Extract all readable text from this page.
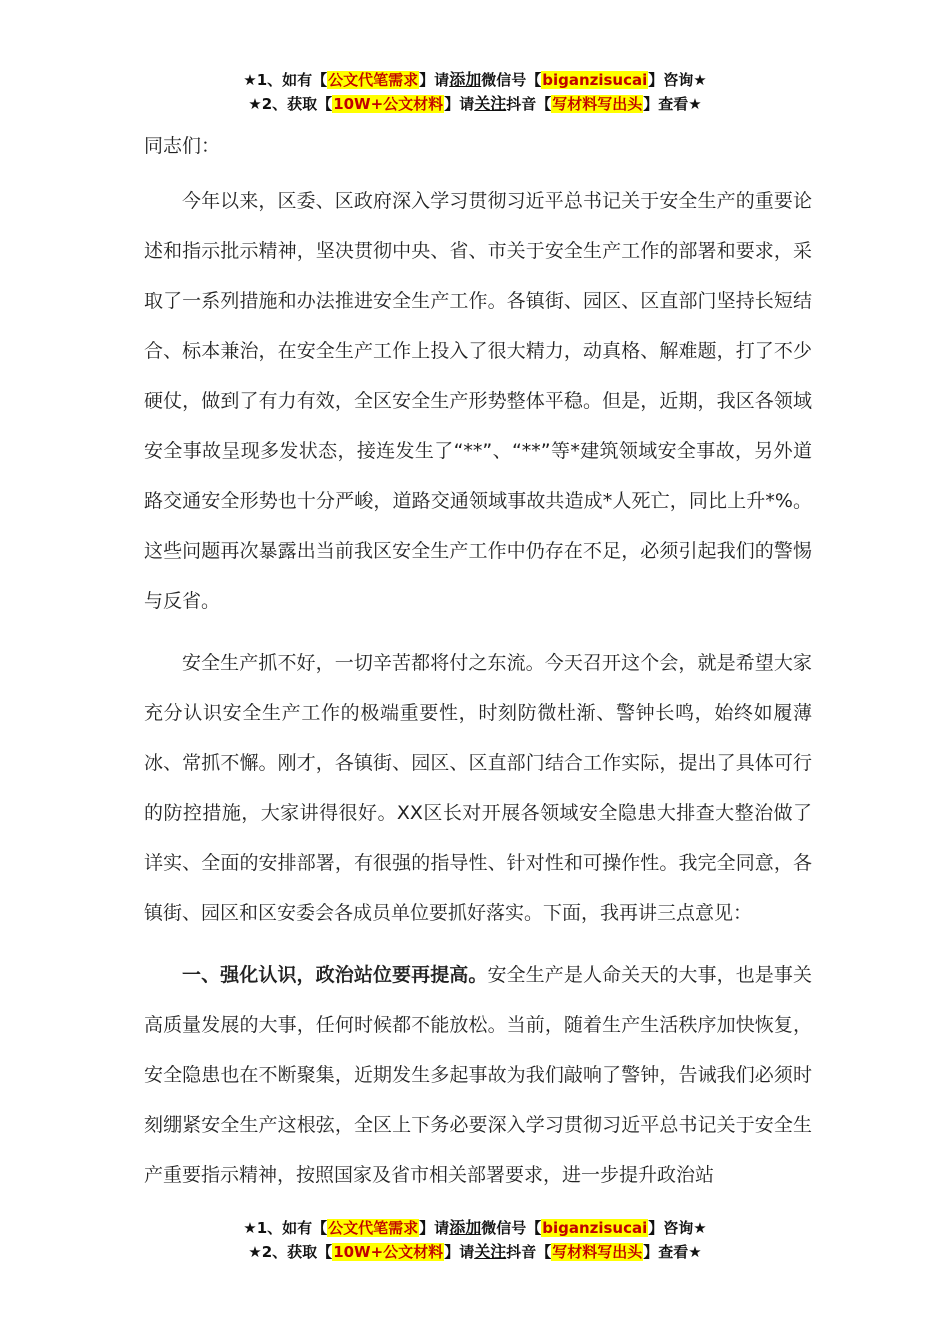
★1、如有【公文代笔需求】请添加微信号【biganzisucai】咨询★
★2、获取【10W+公文材料】请关注抖音【写材料写出头】查看★

同志们：

今年以来，区委、区政府深入学习贯彻习近平总书记关于安全生产的重要论述和指示批示精神，坚决贯彻中央、省、市关于安全生产工作的部署和要求，采取了一系列措施和办法推进安全生产工作。各镇街、园区、区直部门坚持长短结合、标本兼治，在安全生产工作上投入了很大精力，动真格、解难题，打了不少硬仗，做到了有力有效，全区安全生产形势整体平稳。但是，近期，我区各领域安全事故呈现多发状态，接连发生了“**”、“**”等*建筑领域安全事故，另外道路交通安全形势也十分严峻，道路交通领域事故共造成*人死亡，同比上升*%。这些问题再次暴露出当前我区安全生产工作中仍存在不足，必须引起我们的警惕与反省。

安全生产抓不好，一切辛苦都将付之东流。今天召开这个会，就是希望大家充分认识安全生产工作的极端重要性，时刻防微杜渐、警钟长鸣，始终如履薄冰、常抓不懈。刚才，各镇街、园区、区直部门结合工作实际，提出了具体可行的防控措施，大家讲得很好。XX区长对开展各领域安全隐患大排查大整治做了详实、全面的安排部署，有很强的指导性、针对性和可操作性。我完全同意，各镇街、园区和区安委会各成员单位要抓好落实。下面，我再讲三点意见：

一、强化认识，政治站位要再提高。安全生产是人命关天的大事，也是事关高质量发展的大事，任何时候都不能放松。当前，随着生产生活秩序加快恢复，安全隐患也在不断聚集，近期发生多起事故为我们敲响了警钟，告诫我们必须时刻绷紧安全生产这根弦，全区上下务必要深入学习贯彻习近平总书记关于安全生产重要指示精神，按照国家及省市相关部署要求，进一步提升政治站

★1、如有【公文代笔需求】请添加微信号【biganzisucai】咨询★
★2、获取【10W+公文材料】请关注抖音【写材料写出头】查看★
